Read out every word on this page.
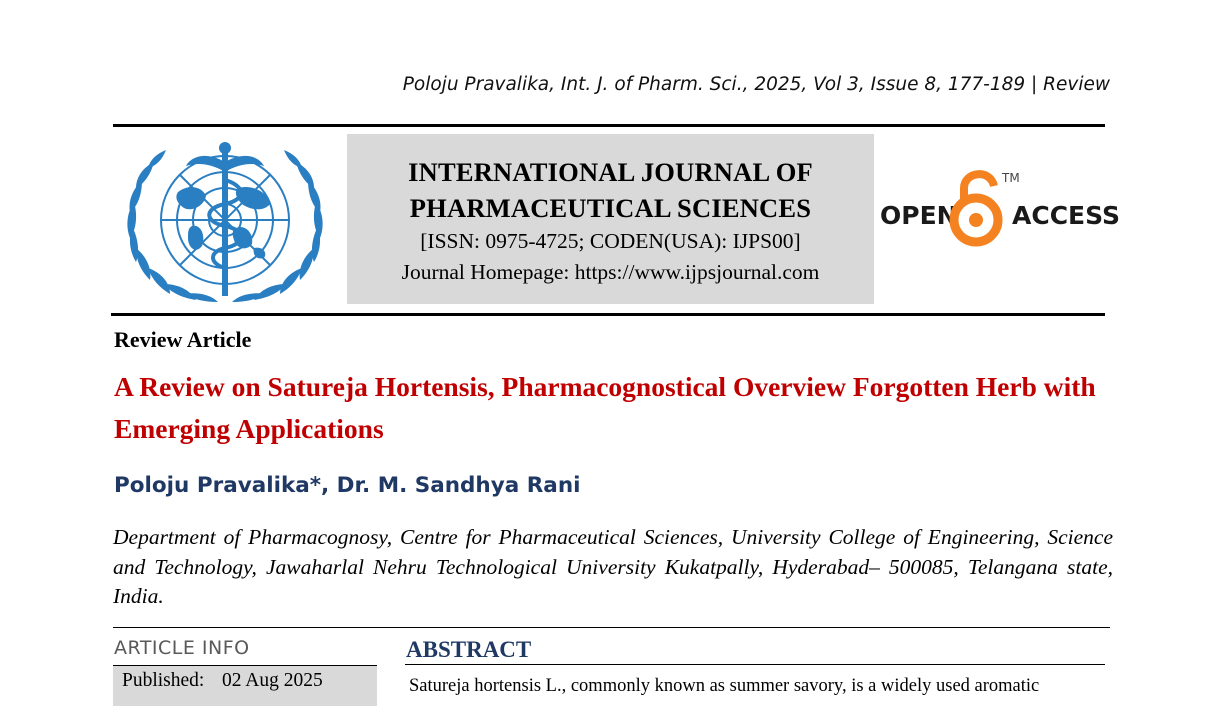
Poloju Pravalika, Int. J. of Pharm. Sci., 2025, Vol 3, Issue 8, 177-189 | Review
INTERNATIONAL JOURNAL OF
PHARMACEUTICAL SCIENCES
[ISSN: 0975-4725; CODEN(USA): IJPS00]
Journal Homepage: https://www.ijpsjournal.com
OPEN
TM
ACCESS
Review Article
A Review on Satureja Hortensis, Pharmacognostical Overview Forgotten Herb with Emerging Applications
Poloju Pravalika*, Dr. M. Sandhya Rani
Department of Pharmacognosy, Centre for Pharmaceutical Sciences, University College of Engineering, Science and Technology, Jawaharlal Nehru Technological University Kukatpally, Hyderabad– 500085, Telangana state, India.
ARTICLE INFO
Published: 02 Aug 2025
ABSTRACT
Satureja hortensis L., commonly known as summer savory, is a widely used aromatic
